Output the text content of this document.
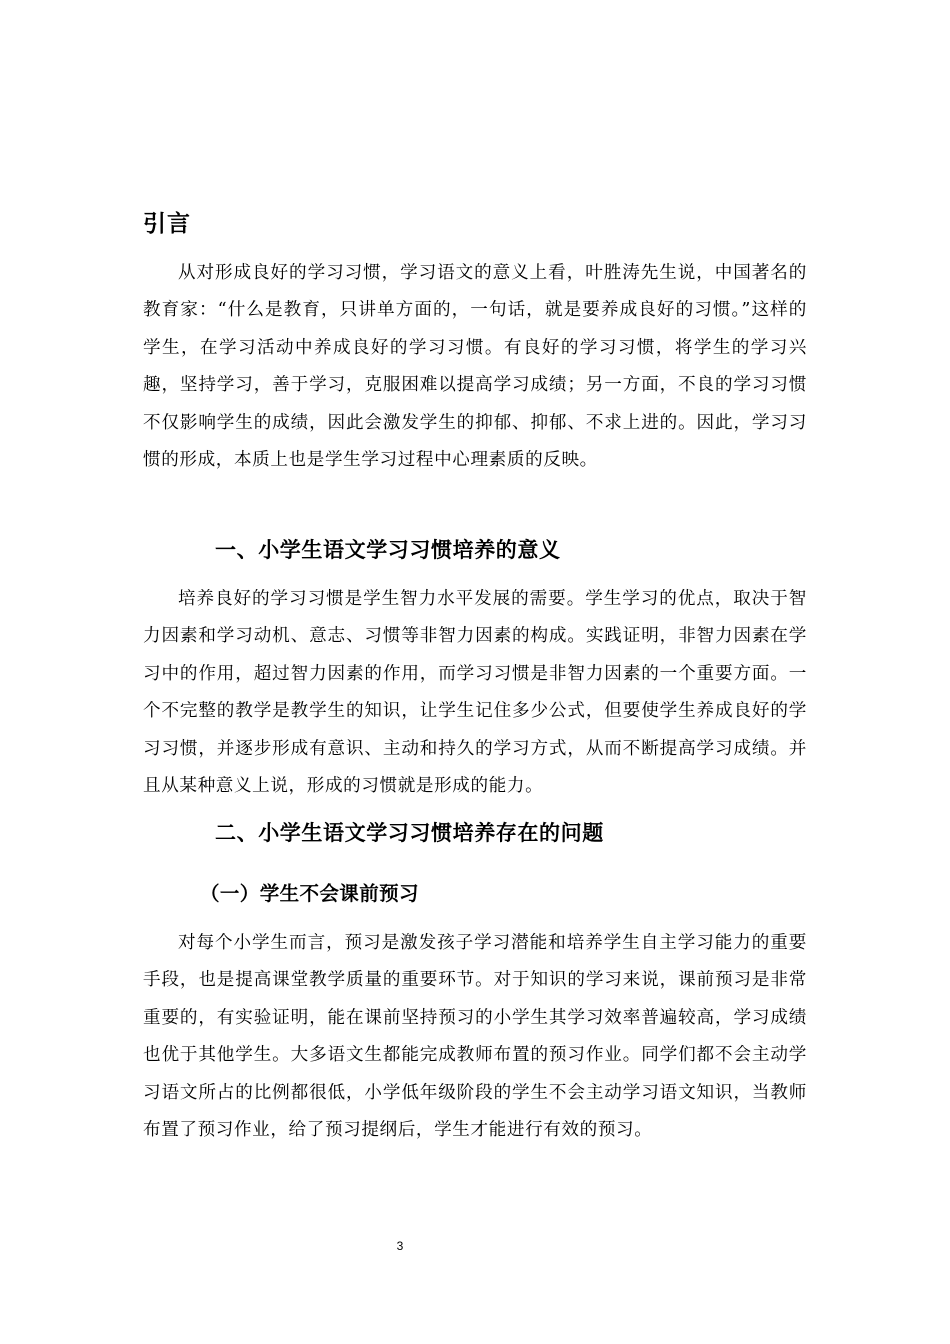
引言

从对形成良好的学习习惯，学习语文的意义上看，叶胜涛先生说，中国著名的教育家：“什么是教育，只讲单方面的，一句话，就是要养成良好的习惯。”这样的学生，在学习活动中养成良好的学习习惯。有良好的学习习惯，将学生的学习兴趣，坚持学习，善于学习，克服困难以提高学习成绩；另一方面，不良的学习习惯不仅影响学生的成绩，因此会激发学生的抑郁、抑郁、不求上进的。因此，学习习惯的形成，本质上也是学生学习过程中心理素质的反映。

一、小学生语文学习习惯培养的意义

培养良好的学习习惯是学生智力水平发展的需要。学生学习的优点，取决于智力因素和学习动机、意志、习惯等非智力因素的构成。实践证明，非智力因素在学习中的作用，超过智力因素的作用，而学习习惯是非智力因素的一个重要方面。一个不完整的教学是教学生的知识，让学生记住多少公式，但要使学生养成良好的学习习惯，并逐步形成有意识、主动和持久的学习方式，从而不断提高学习成绩。并且从某种意义上说，形成的习惯就是形成的能力。

二、小学生语文学习习惯培养存在的问题
（一）学生不会课前预习

对每个小学生而言，预习是激发孩子学习潜能和培养学生自主学习能力的重要手段，也是提高课堂教学质量的重要环节。对于知识的学习来说，课前预习是非常重要的，有实验证明，能在课前坚持预习的小学生其学习效率普遍较高，学习成绩也优于其他学生。大多语文生都能完成教师布置的预习作业。同学们都不会主动学习语文所占的比例都很低，小学低年级阶段的学生不会主动学习语文知识，当教师布置了预习作业，给了预习提纲后，学生才能进行有效的预习。

3
